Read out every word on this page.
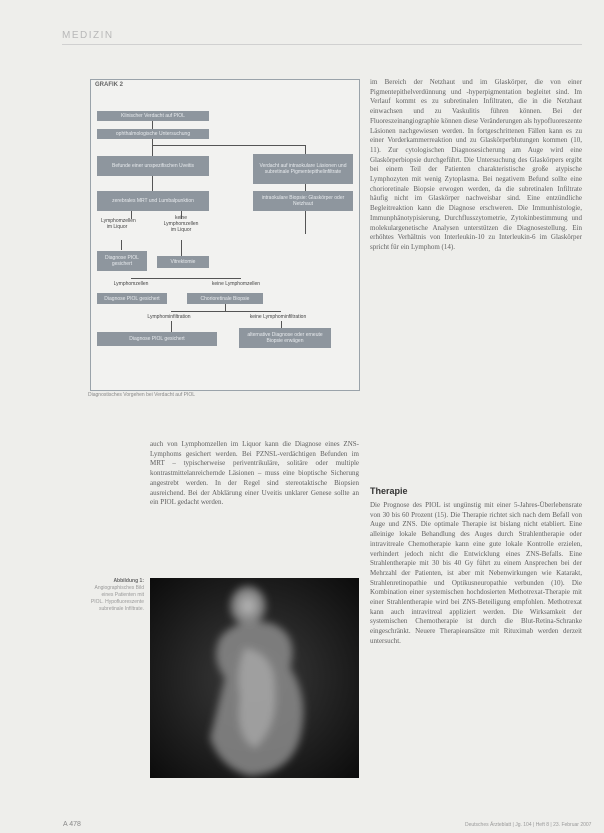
MEDIZIN
GRAFIK 2
Klinischer Verdacht auf PIOL
ophthalmologische Untersuchung
Befunde einer unspezifischen Uveitis	Verdacht auf intraokulare Läsionen und subretinale Pigmentepithelinfiltrate
zerebrales MRT und Lumbalpunktion	intraokulare Biopsie: Glaskörper oder Netzhaut
Lymphomzellen im Liquor
keine Lymphomzellen im Liquor
Diagnose PIOL gesichert	Vitrektomie
Lymphomzellen	keine Lymphomzellen
Diagnose PIOL gesichert	Chorioretinale Biopsie
Lymphominfiltration	keine Lymphominfiltration
Diagnose PIOL gesichert
alternative Diagnose oder erneute Biopsie erwägen
Diagnostisches Vorgehen bei Verdacht auf PIOL

im Bereich der Netzhaut und im Glaskörper, die von einer Pigmentepithelverdünnung und -hyperpigmentation begleitet sind. Im Verlauf kommt es zu subretinalen Infiltraten, die in die Netzhaut einwachsen und zu Vaskulitis führen können. Bei der Fluoreszeinangiographie können diese Veränderungen als hypofluoreszente Läsionen nachgewiesen werden. In fortgeschrittenen Fällen kann es zu einer Vorderkammerreaktion und zu Glaskörperblutungen kommen (10, 11). Zur cytologischen Diagnosesicherung am Auge wird eine Glaskörperbiopsie durchgeführt. Die Untersuchung des Glaskörpers ergibt bei einem Teil der Patienten charakteristische große atypische Lymphozyten mit wenig Zytoplasma. Bei negativem Befund sollte eine chorioretinale Biopsie erwogen werden, da die subretinalen Infiltrate häufig nicht im Glaskörper nachweisbar sind. Eine entzündliche Begleitreaktion kann die Diagnose erschweren. Die Immunhistologie, Immunphänotypisierung, Durchflusszytometrie, Zytokinbestimmung und molekulargenetische Analysen unterstützen die Diagnosestellung. Ein erhöhtes Verhältnis von Interleukin-10 zu Interleukin-6 im Glaskörper spricht für ein Lymphom (14).

auch von Lymphomzellen im Liquor kann die Diagnose eines ZNS-Lymphoms gesichert werden. Bei PZNSL-verdächtigen Befunden im MRT – typischerweise periventrikuläre, solitäre oder multiple kontrastmittelanreichernde Läsionen – muss eine bioptische Sicherung angestrebt werden. In der Regel sind stereotaktische Biopsien ausreichend. Bei der Abklärung einer Uveitis unklarer Genese sollte an ein PIOL gedacht werden.

Therapie

Die Prognose des PIOL ist ungünstig mit einer 5-Jahres-Überlebensrate von 30 bis 60 Prozent (15). Die Therapie richtet sich nach dem Befall von Auge und ZNS. Die optimale Therapie ist bislang nicht etabliert. Eine alleinige lokale Behandlung des Auges durch Strahlentherapie oder intravitreale Chemotherapie kann eine gute lokale Kontrolle erzielen, verhindert jedoch nicht die Entwicklung eines ZNS-Befalls. Eine Strahlentherapie mit 30 bis 40 Gy führt zu einem Ansprechen bei der Mehrzahl der Patienten, ist aber mit Nebenwirkungen wie Katarakt, Strahlenretinopathie und Optikusneuropathie verbunden (10). Die Kombination einer systemischen hochdosierten Methotrexat-Therapie mit einer Strahlentherapie wird bei ZNS-Beteiligung empfohlen. Methotrexat kann auch intravitreal appliziert werden. Die Wirksamkeit der systemischen Chemotherapie ist durch die Blut-Retina-Schranke eingeschränkt. Neuere Therapieansätze mit Rituximab werden derzeit untersucht.

Abbildung 1:
Angiographisches Bild eines Patienten mit PIOL. Hypofluoreszente subretinale Infiltrate.
A 478	Deutsches Ärzteblatt | Jg. 104 | Heft 8 | 23. Februar 2007
